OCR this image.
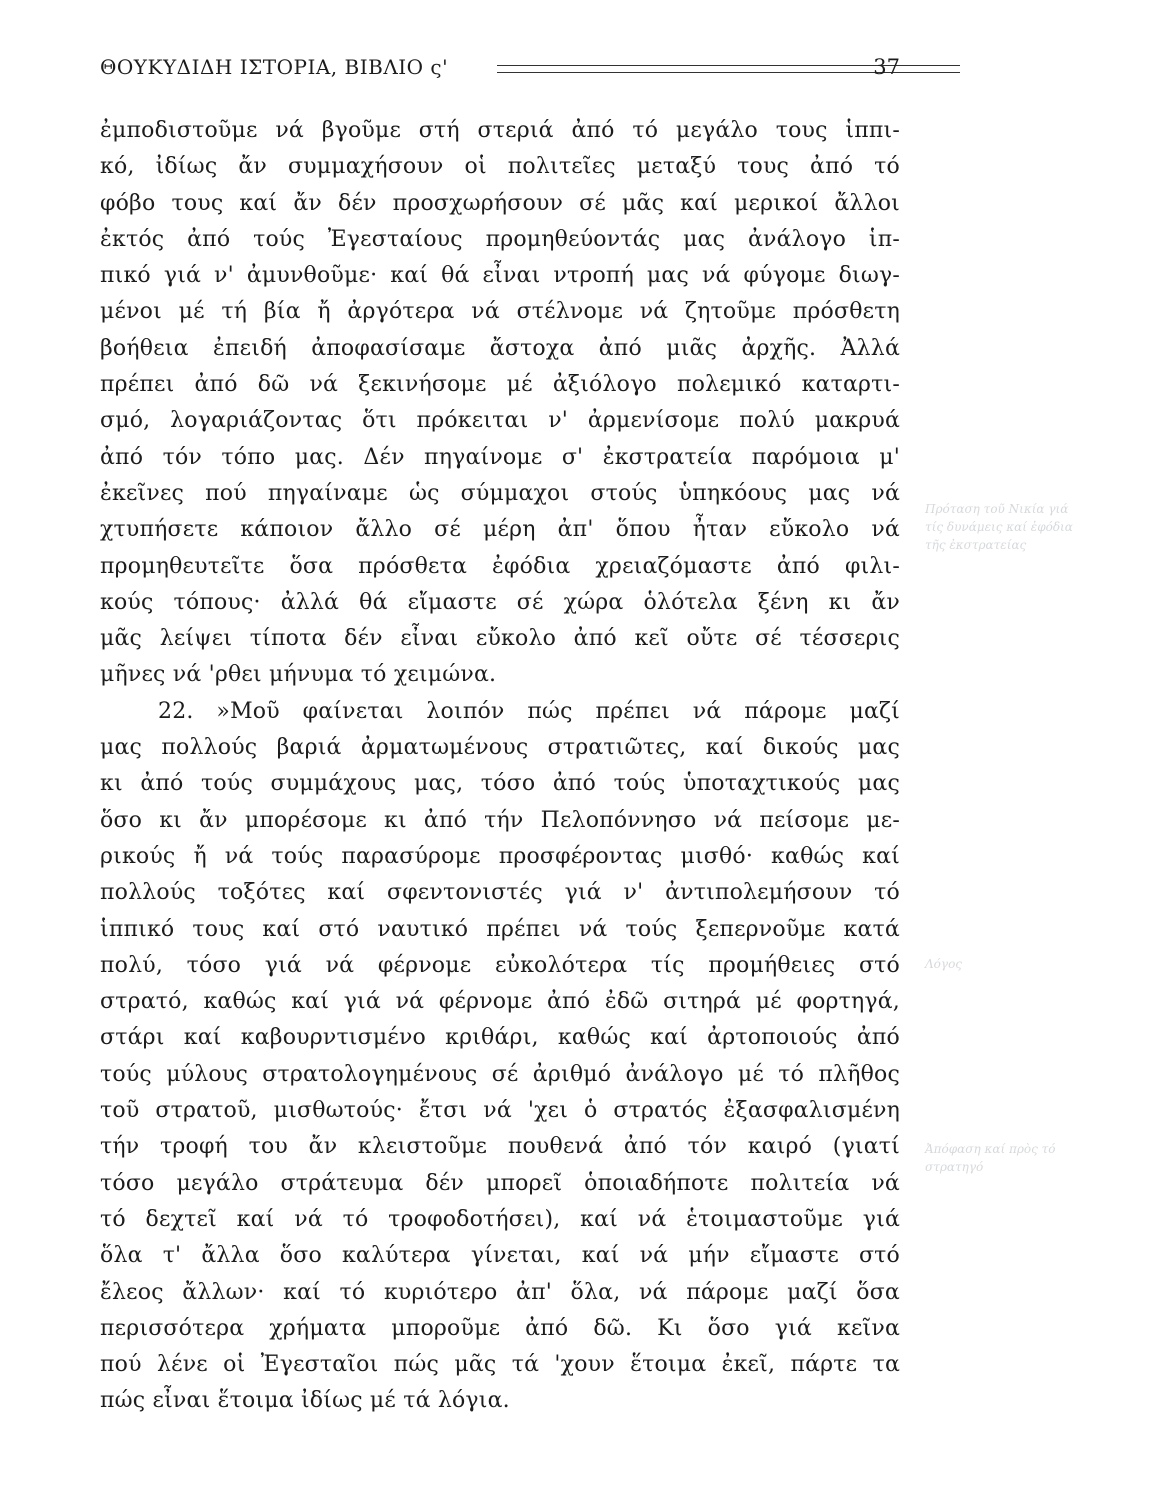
ΘΟΥΚΥΔΙΔΗ ΙΣΤΟΡΙΑ, ΒΙΒΛΙΟ ς'	37
ἐμποδιστοῦμε νά βγοῦμε στή στεριά ἀπό τό μεγάλο τους ἱππι-
κό, ἰδίως ἄν συμμαχήσουν οἱ πολιτεῖες μεταξύ τους ἀπό τό
φόβο τους καί ἄν δέν προσχωρήσουν σέ μᾶς καί μερικοί ἄλλοι
ἐκτός ἀπό τούς Ἐγεσταίους προμηθεύοντάς μας ἀνάλογο ἱπ-
πικό γιά ν' ἀμυνθοῦμε· καί θά εἶναι ντροπή μας νά φύγομε διωγ-
μένοι μέ τή βία ἤ ἀργότερα νά στέλνομε νά ζητοῦμε πρόσθετη
βοήθεια ἐπειδή ἀποφασίσαμε ἄστοχα ἀπό μιᾶς ἀρχῆς. Ἀλλά
πρέπει ἀπό δῶ νά ξεκινήσομε μέ ἀξιόλογο πολεμικό καταρτι-
σμό, λογαριάζοντας ὅτι πρόκειται ν' ἀρμενίσομε πολύ μακρυά
ἀπό τόν τόπο μας. Δέν πηγαίνομε σ' ἐκστρατεία παρόμοια μ'
ἐκεῖνες πού πηγαίναμε ὡς σύμμαχοι στούς ὑπηκόους μας νά
χτυπήσετε κάποιον ἄλλο σέ μέρη ἀπ' ὅπου ἦταν εὔκολο νά
προμηθευτεῖτε ὅσα πρόσθετα ἐφόδια χρειαζόμαστε ἀπό φιλι-
κούς τόπους· ἀλλά θά εἴμαστε σέ χώρα ὁλότελα ξένη κι ἄν
μᾶς λείψει τίποτα δέν εἶναι εὔκολο ἀπό κεῖ οὔτε σέ τέσσερις
μῆνες νά 'ρθει μήνυμα τό χειμώνα.
22. »Μοῦ φαίνεται λοιπόν πώς πρέπει νά πάρομε μαζί
μας πολλούς βαριά ἀρματωμένους στρατιῶτες, καί δικούς μας
κι ἀπό τούς συμμάχους μας, τόσο ἀπό τούς ὑποταχτικούς μας
ὅσο κι ἄν μπορέσομε κι ἀπό τήν Πελοπόννησο νά πείσομε με-
ρικούς ἤ νά τούς παρασύρομε προσφέροντας μισθό· καθώς καί
πολλούς τοξότες καί σφεντονιστές γιά ν' ἀντιπολεμήσουν τό
ἱππικό τους καί στό ναυτικό πρέπει νά τούς ξεπερνοῦμε κατά
πολύ, τόσο γιά νά φέρνομε εὐκολότερα τίς προμήθειες στό
στρατό, καθώς καί γιά νά φέρνομε ἀπό ἐδῶ σιτηρά μέ φορτηγά,
στάρι καί καβουρντισμένο κριθάρι, καθώς καί ἀρτοποιούς ἀπό
τούς μύλους στρατολογημένους σέ ἀριθμό ἀνάλογο μέ τό πλῆθος
τοῦ στρατοῦ, μισθωτούς· ἔτσι νά 'χει ὁ στρατός ἐξασφαλισμένη
τήν τροφή του ἄν κλειστοῦμε πουθενά ἀπό τόν καιρό (γιατί
τόσο μεγάλο στράτευμα δέν μπορεῖ ὁποιαδήποτε πολιτεία νά
τό δεχτεῖ καί νά τό τροφοδοτήσει), καί νά ἑτοιμαστοῦμε γιά
ὅλα τ' ἄλλα ὅσο καλύτερα γίνεται, καί νά μήν εἴμαστε στό
ἔλεος ἄλλων· καί τό κυριότερο ἀπ' ὅλα, νά πάρομε μαζί ὅσα
περισσότερα χρήματα μποροῦμε ἀπό δῶ. Κι ὅσο γιά κεῖνα
πού λένε οἱ Ἐγεσταῖοι πώς μᾶς τά 'χουν ἕτοιμα ἐκεῖ, πάρτε τα
πώς εἶναι ἕτοιμα ἰδίως μέ τά λόγια.
Πρόταση τοῦ Νικία γιά τίς δυνάμεις καί ἐφόδια τῆς ἐκστρατείας
Λόγος
Ἀπόφαση καί πρὸς τό στρατηγό
